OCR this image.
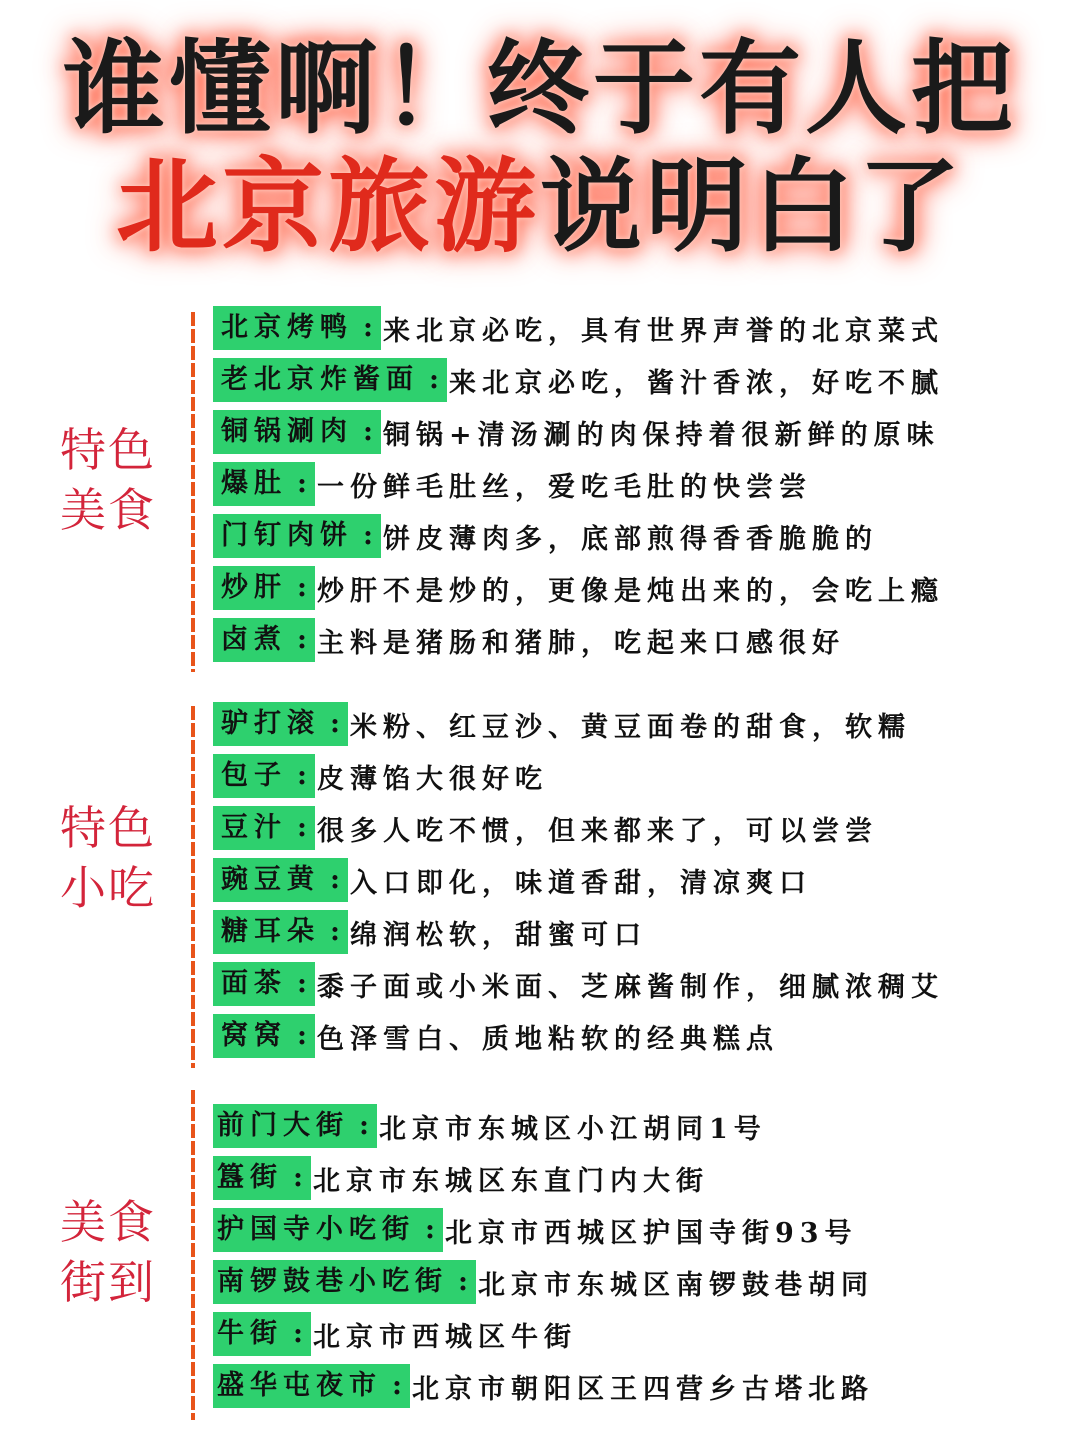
谁懂啊！终于有人把
北京旅游说明白了
特色
美食
北京烤鸭 : 来北京必吃，具有世界声誉的北京菜式
老北京炸酱面 : 来北京必吃，酱汁香浓，好吃不腻
铜锅涮肉 : 铜锅+清汤涮的肉保持着很新鲜的原味
爆肚 : 一份鲜毛肚丝，爱吃毛肚的快尝尝
门钉肉饼 : 饼皮薄肉多，底部煎得香香脆脆的
炒肝 : 炒肝不是炒的，更像是炖出来的，会吃上瘾
卤煮 : 主料是猪肠和猪肺，吃起来口感很好
特色
小吃
驴打滚 : 米粉、红豆沙、黄豆面卷的甜食，软糯
包子 : 皮薄馅大很好吃
豆汁 : 很多人吃不惯，但来都来了，可以尝尝
豌豆黄 : 入口即化，味道香甜，清凉爽口
糖耳朵 : 绵润松软，甜蜜可口
面茶 : 黍子面或小米面、芝麻酱制作，细腻浓稠艾
窝窝 : 色泽雪白、质地粘软的经典糕点
美食
街到
前门大街 : 北京市东城区小江胡同1号
簋街 : 北京市东城区东直门内大街
护国寺小吃街 : 北京市西城区护国寺街93号
南锣鼓巷小吃街 : 北京市东城区南锣鼓巷胡同
牛街 : 北京市西城区牛街
盛华屯夜市 : 北京市朝阳区王四营乡古塔北路
